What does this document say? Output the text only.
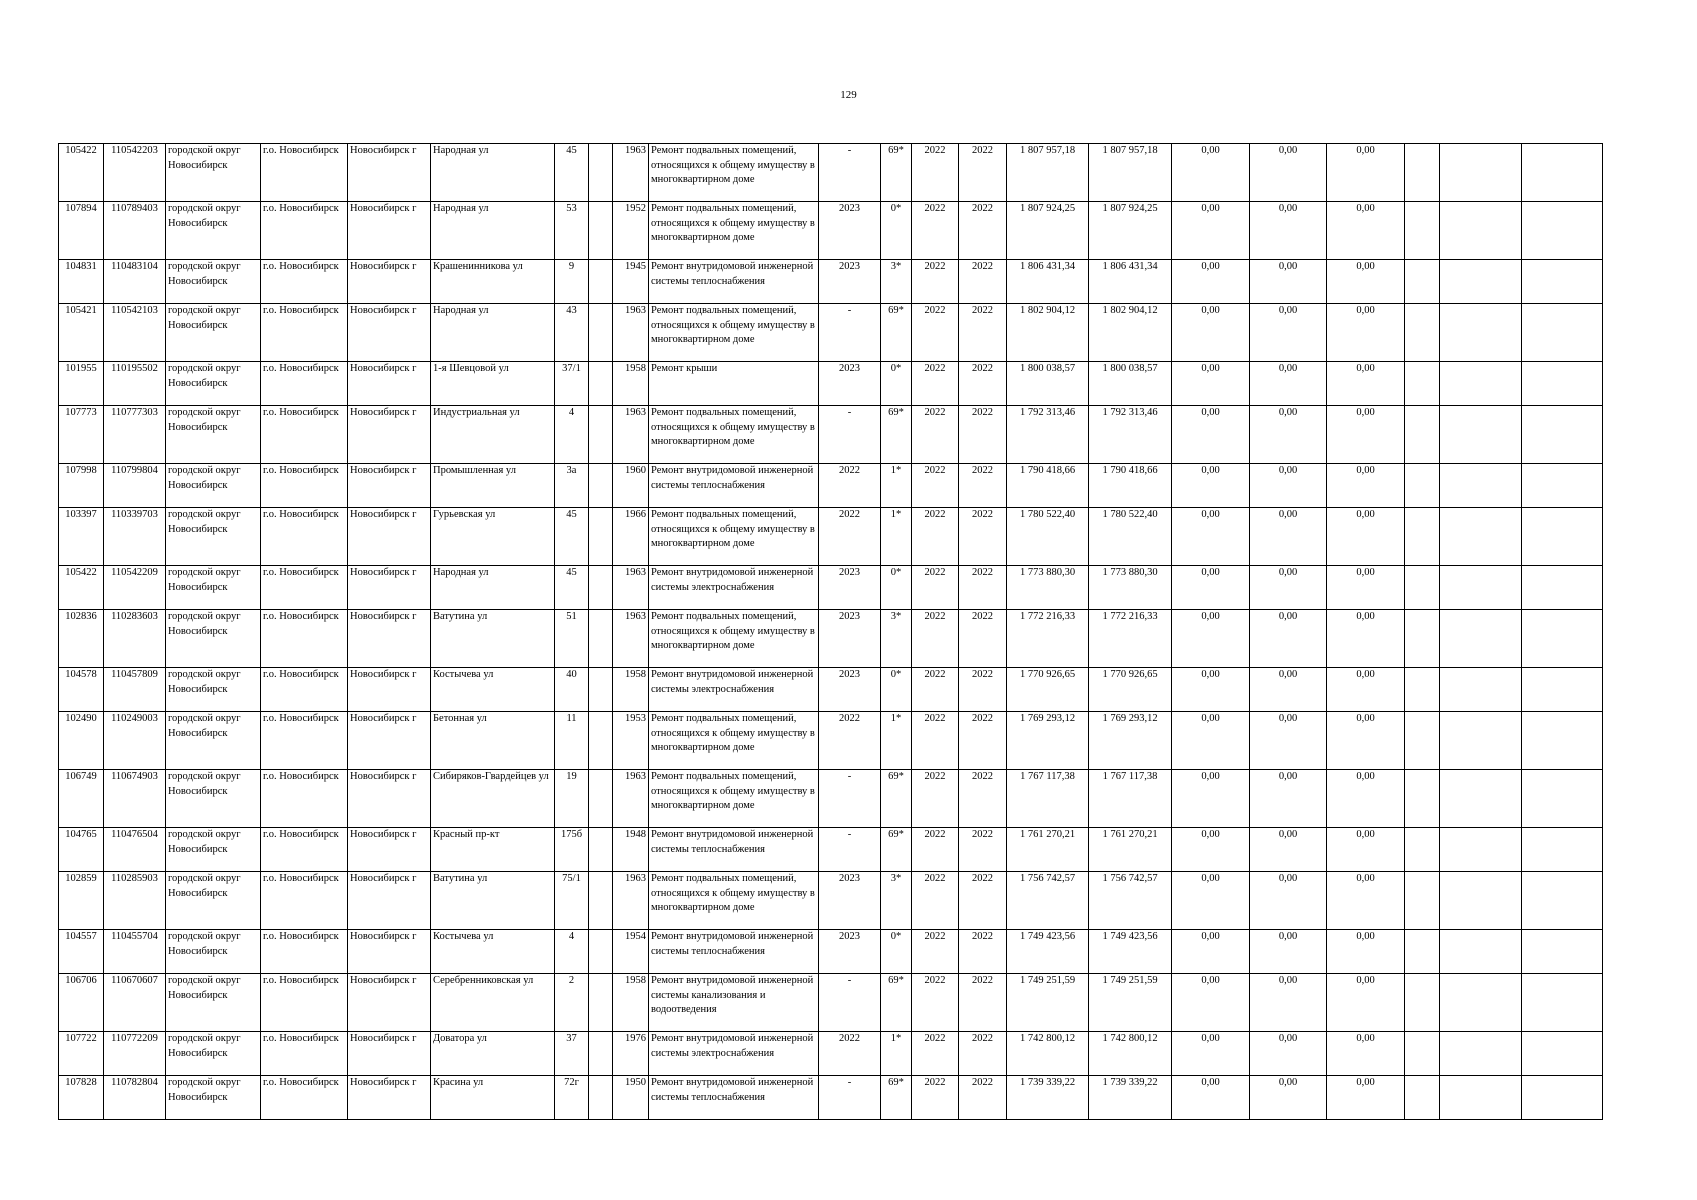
129
105422	110542203	городской округ Новосибирск	г.о. Новосибирск	Новосибирск г	Народная ул	45		1963	Ремонт подвальных помещений, относящихся к общему имуществу в многоквартирном доме	-	69*	2022	2022	1 807 957,18	1 807 957,18	0,00	0,00	0,00			
107894	110789403	городской округ Новосибирск	г.о. Новосибирск	Новосибирск г	Народная ул	53		1952	Ремонт подвальных помещений, относящихся к общему имуществу в многоквартирном доме	2023	0*	2022	2022	1 807 924,25	1 807 924,25	0,00	0,00	0,00			
104831	110483104	городской округ Новосибирск	г.о. Новосибирск	Новосибирск г	Крашенинникова ул	9		1945	Ремонт внутридомовой инженерной системы теплоснабжения	2023	3*	2022	2022	1 806 431,34	1 806 431,34	0,00	0,00	0,00			
105421	110542103	городской округ Новосибирск	г.о. Новосибирск	Новосибирск г	Народная ул	43		1963	Ремонт подвальных помещений, относящихся к общему имуществу в многоквартирном доме	-	69*	2022	2022	1 802 904,12	1 802 904,12	0,00	0,00	0,00			
101955	110195502	городской округ Новосибирск	г.о. Новосибирск	Новосибирск г	1-я Шевцовой ул	37/1		1958	Ремонт крыши	2023	0*	2022	2022	1 800 038,57	1 800 038,57	0,00	0,00	0,00			
107773	110777303	городской округ Новосибирск	г.о. Новосибирск	Новосибирск г	Индустриальная ул	4		1963	Ремонт подвальных помещений, относящихся к общему имуществу в многоквартирном доме	-	69*	2022	2022	1 792 313,46	1 792 313,46	0,00	0,00	0,00			
107998	110799804	городской округ Новосибирск	г.о. Новосибирск	Новосибирск г	Промышленная ул	3а		1960	Ремонт внутридомовой инженерной системы теплоснабжения	2022	1*	2022	2022	1 790 418,66	1 790 418,66	0,00	0,00	0,00			
103397	110339703	городской округ Новосибирск	г.о. Новосибирск	Новосибирск г	Гурьевская ул	45		1966	Ремонт подвальных помещений, относящихся к общему имуществу в многоквартирном доме	2022	1*	2022	2022	1 780 522,40	1 780 522,40	0,00	0,00	0,00			
105422	110542209	городской округ Новосибирск	г.о. Новосибирск	Новосибирск г	Народная ул	45		1963	Ремонт внутридомовой инженерной системы электроснабжения	2023	0*	2022	2022	1 773 880,30	1 773 880,30	0,00	0,00	0,00			
102836	110283603	городской округ Новосибирск	г.о. Новосибирск	Новосибирск г	Ватутина ул	51		1963	Ремонт подвальных помещений, относящихся к общему имуществу в многоквартирном доме	2023	3*	2022	2022	1 772 216,33	1 772 216,33	0,00	0,00	0,00			
104578	110457809	городской округ Новосибирск	г.о. Новосибирск	Новосибирск г	Костычева ул	40		1958	Ремонт внутридомовой инженерной системы электроснабжения	2023	0*	2022	2022	1 770 926,65	1 770 926,65	0,00	0,00	0,00			
102490	110249003	городской округ Новосибирск	г.о. Новосибирск	Новосибирск г	Бетонная ул	11		1953	Ремонт подвальных помещений, относящихся к общему имуществу в многоквартирном доме	2022	1*	2022	2022	1 769 293,12	1 769 293,12	0,00	0,00	0,00			
106749	110674903	городской округ Новосибирск	г.о. Новосибирск	Новосибирск г	Сибиряков-Гвардейцев ул	19		1963	Ремонт подвальных помещений, относящихся к общему имуществу в многоквартирном доме	-	69*	2022	2022	1 767 117,38	1 767 117,38	0,00	0,00	0,00			
104765	110476504	городской округ Новосибирск	г.о. Новосибирск	Новосибирск г	Красный пр-кт	175б		1948	Ремонт внутридомовой инженерной системы теплоснабжения	-	69*	2022	2022	1 761 270,21	1 761 270,21	0,00	0,00	0,00			
102859	110285903	городской округ Новосибирск	г.о. Новосибирск	Новосибирск г	Ватутина ул	75/1		1963	Ремонт подвальных помещений, относящихся к общему имуществу в многоквартирном доме	2023	3*	2022	2022	1 756 742,57	1 756 742,57	0,00	0,00	0,00			
104557	110455704	городской округ Новосибирск	г.о. Новосибирск	Новосибирск г	Костычева ул	4		1954	Ремонт внутридомовой инженерной системы теплоснабжения	2023	0*	2022	2022	1 749 423,56	1 749 423,56	0,00	0,00	0,00			
106706	110670607	городской округ Новосибирск	г.о. Новосибирск	Новосибирск г	Серебренниковская ул	2		1958	Ремонт внутридомовой инженерной системы канализования и водоотведения	-	69*	2022	2022	1 749 251,59	1 749 251,59	0,00	0,00	0,00			
107722	110772209	городской округ Новосибирск	г.о. Новосибирск	Новосибирск г	Доватора ул	37		1976	Ремонт внутридомовой инженерной системы электроснабжения	2022	1*	2022	2022	1 742 800,12	1 742 800,12	0,00	0,00	0,00			
107828	110782804	городской округ Новосибирск	г.о. Новосибирск	Новосибирск г	Красина ул	72г		1950	Ремонт внутридомовой инженерной системы теплоснабжения	-	69*	2022	2022	1 739 339,22	1 739 339,22	0,00	0,00	0,00			
